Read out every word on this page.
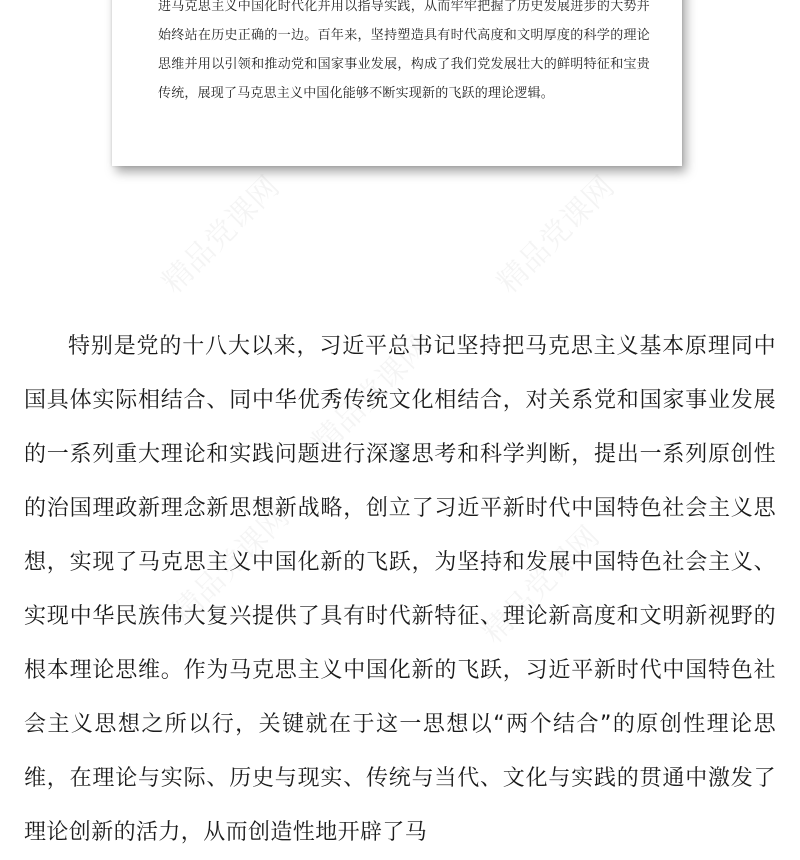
进马克思主义中国化时代化并用以指导实践，从而牢牢把握了历史发展进步的大势并始终站在历史正确的一边。百年来，坚持塑造具有时代高度和文明厚度的科学的理论思维并用以引领和推动党和国家事业发展，构成了我们党发展壮大的鲜明特征和宝贵传统，展现了马克思主义中国化能够不断实现新的飞跃的理论逻辑。

特别是党的十八大以来，习近平总书记坚持把马克思主义基本原理同中国具体实际相结合、同中华优秀传统文化相结合，对关系党和国家事业发展的一系列重大理论和实践问题进行深邃思考和科学判断，提出一系列原创性的治国理政新理念新思想新战略，创立了习近平新时代中国特色社会主义思想，实现了马克思主义中国化新的飞跃，为坚持和发展中国特色社会主义、实现中华民族伟大复兴提供了具有时代新特征、理论新高度和文明新视野的根本理论思维。作为马克思主义中国化新的飞跃，习近平新时代中国特色社会主义思想之所以行，关键就在于这一思想以“两个结合”的原创性理论思维，在理论与实际、历史与现实、传统与当代、文化与实践的贯通中激发了理论创新的活力，从而创造性地开辟了马
